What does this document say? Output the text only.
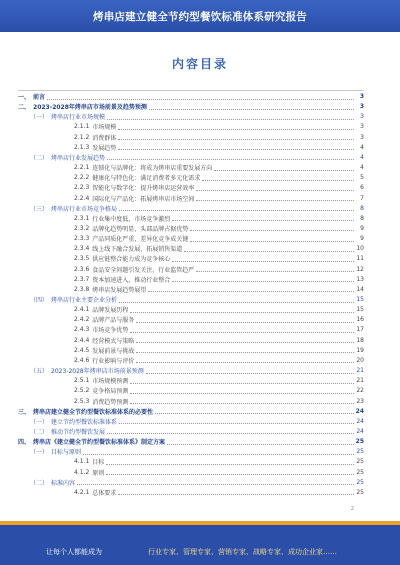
烤串店建立健全节约型餐饮标准体系研究报告
内容目录
一、 前言	3
二、 2023-2028年烤串店市场前景及趋势预测	3
（一） 烤串店行业市场规模	3
2.1.1 市场规模	3
2.1.2 消费群体	3
2.1.3 发展趋势	4
（二） 烤串店行业发展趋势	4
2.2.1 连锁化与品牌化：将成为烤串店重要发展方向	4
2.2.2 健康化与特色化：满足消费者多元化需求	5
2.2.3 智能化与数字化：提升烤串店运营效率	6
2.2.4 国际化与产品化：拓展烤串店市场空间	7
（三） 烤串店行业市场竞争格局	8
2.3.1 行业集中度低，市场竞争激烈	8
2.3.2 品牌化趋势明显，头部品牌占据优势	9
2.3.3 产品同质化严重，差异化竞争成关键	9
2.3.4 线上线下融合发展，拓展销售渠道	10
2.3.5 供应链整合能力成为竞争核心	11
2.3.6 食品安全问题引发关注，行业监管趋严	12
2.3.7 资本加速进入，推动行业整合	13
2.3.8 烤串店发展趋势展望	14
（四） 烤串店行业主要企业分析	15
2.4.1 品牌发展历程	15
2.4.2 品牌产品与服务	16
2.4.3 市场竞争优势	17
2.4.4 经营模式与策略	18
2.4.5 发展前景与挑战	19
2.4.6 行业影响与评价	20
（五） 2023-2028年烤串店市场前景预测	21
2.5.1 市场规模预测	21
2.5.2 竞争格局预测	22
2.5.3 消费趋势预测	23
三、 烤串店建立健全节约型餐饮标准体系的必要性	24
（一） 建立节约型餐饮标准体系	24
（二） 推动节约型餐饮发展	24
四、 烤串店《建立健全节约型餐饮标准体系》制定方案	25
（一） 目标与原则	25
4.1.1 目标	25
4.1.2 原则	25
（二） 标准内容	25
4.2.1 总体要求	25
2
让每个人都能成为	行业专家、管理专家、营销专家、战略专家、成功企业家……
